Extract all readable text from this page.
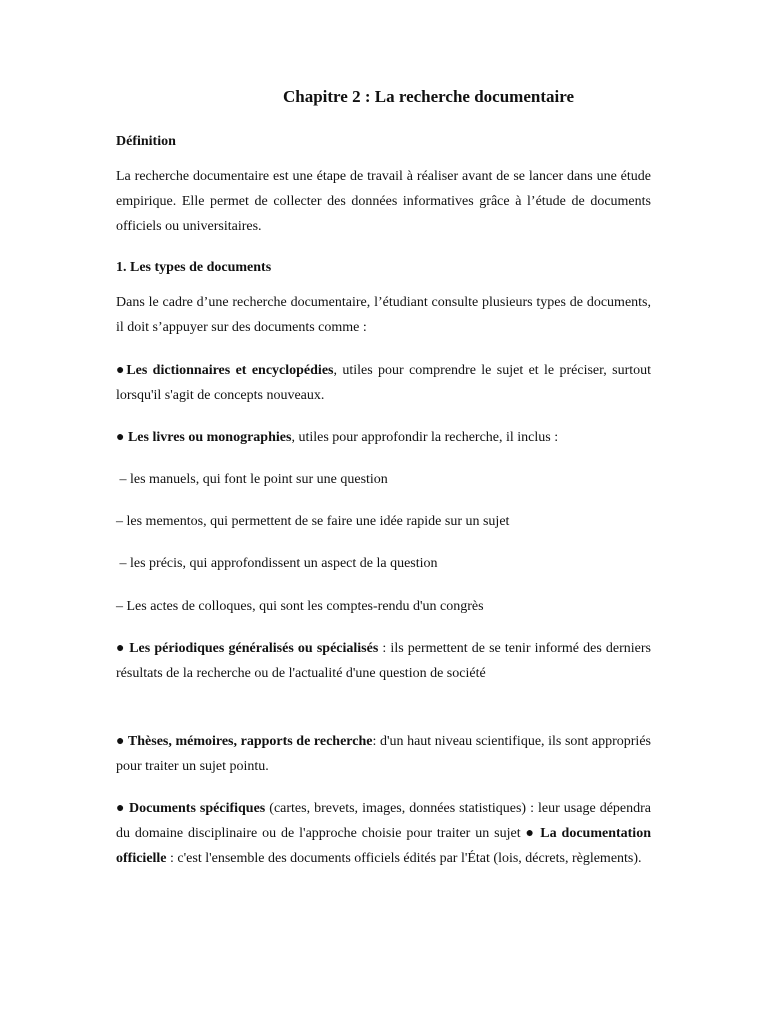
Chapitre 2 : La recherche documentaire

Définition

La recherche documentaire est une étape de travail à réaliser avant de se lancer dans une étude empirique. Elle permet de collecter des données informatives grâce à l’étude de documents officiels ou universitaires.

1. Les types de documents

Dans le cadre d’une recherche documentaire, l’étudiant consulte plusieurs types de documents, il doit s’appuyer sur des documents comme :

●Les dictionnaires et encyclopédies, utiles pour comprendre le sujet et le préciser, surtout lorsqu'il s'agit de concepts nouveaux.

● Les livres ou monographies, utiles pour approfondir la recherche, il inclus :

– les manuels, qui font le point sur une question

– les mementos, qui permettent de se faire une idée rapide sur un sujet

– les précis, qui approfondissent un aspect de la question

– Les actes de colloques, qui sont les comptes-rendu d'un congrès

● Les périodiques généralisés ou spécialisés : ils permettent de se tenir informé des derniers résultats de la recherche ou de l'actualité d'une question de société

● Thèses, mémoires, rapports de recherche: d'un haut niveau scientifique, ils sont appropriés pour traiter un sujet pointu.

● Documents spécifiques (cartes, brevets, images, données statistiques) : leur usage dépendra du domaine disciplinaire ou de l'approche choisie pour traiter un sujet ● La documentation officielle : c'est l'ensemble des documents officiels édités par l'État (lois, décrets, règlements).
